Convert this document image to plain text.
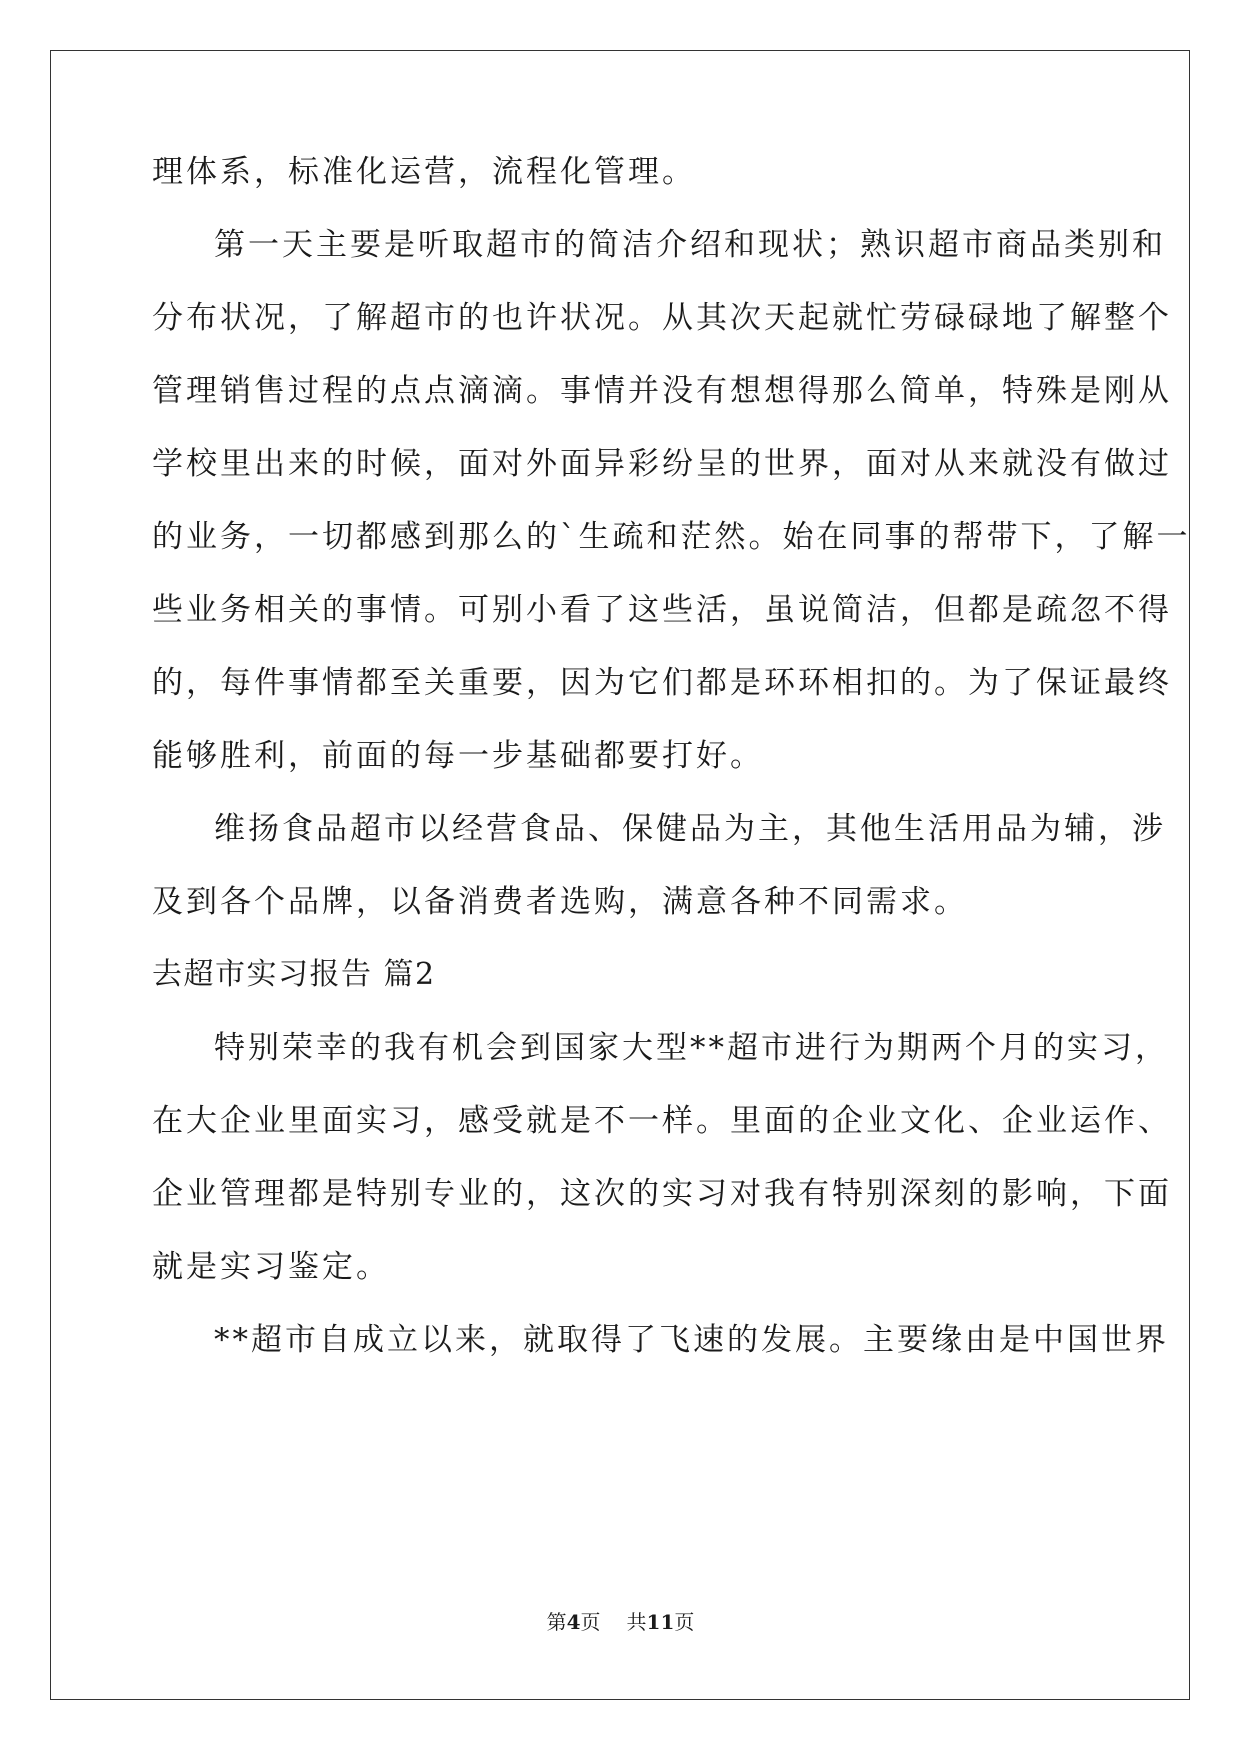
理体系，标准化运营，流程化管理。
第一天主要是听取超市的简洁介绍和现状；熟识超市商品类别和
分布状况，了解超市的也许状况。从其次天起就忙劳碌碌地了解整个
管理销售过程的点点滴滴。事情并没有想想得那么简单，特殊是刚从
学校里出来的时候，面对外面异彩纷呈的世界，面对从来就没有做过
的业务，一切都感到那么的`生疏和茫然。始在同事的帮带下，了解一
些业务相关的事情。可别小看了这些活，虽说简洁，但都是疏忽不得
的，每件事情都至关重要，因为它们都是环环相扣的。为了保证最终
能够胜利，前面的每一步基础都要打好。
维扬食品超市以经营食品、保健品为主，其他生活用品为辅，涉
及到各个品牌，以备消费者选购，满意各种不同需求。
去超市实习报告 篇2
特别荣幸的我有机会到国家大型**超市进行为期两个月的实习，
在大企业里面实习，感受就是不一样。里面的企业文化、企业运作、
企业管理都是特别专业的，这次的实习对我有特别深刻的影响，下面
就是实习鉴定。
**超市自成立以来，就取得了飞速的发展。主要缘由是中国世界
第4页 共11页
